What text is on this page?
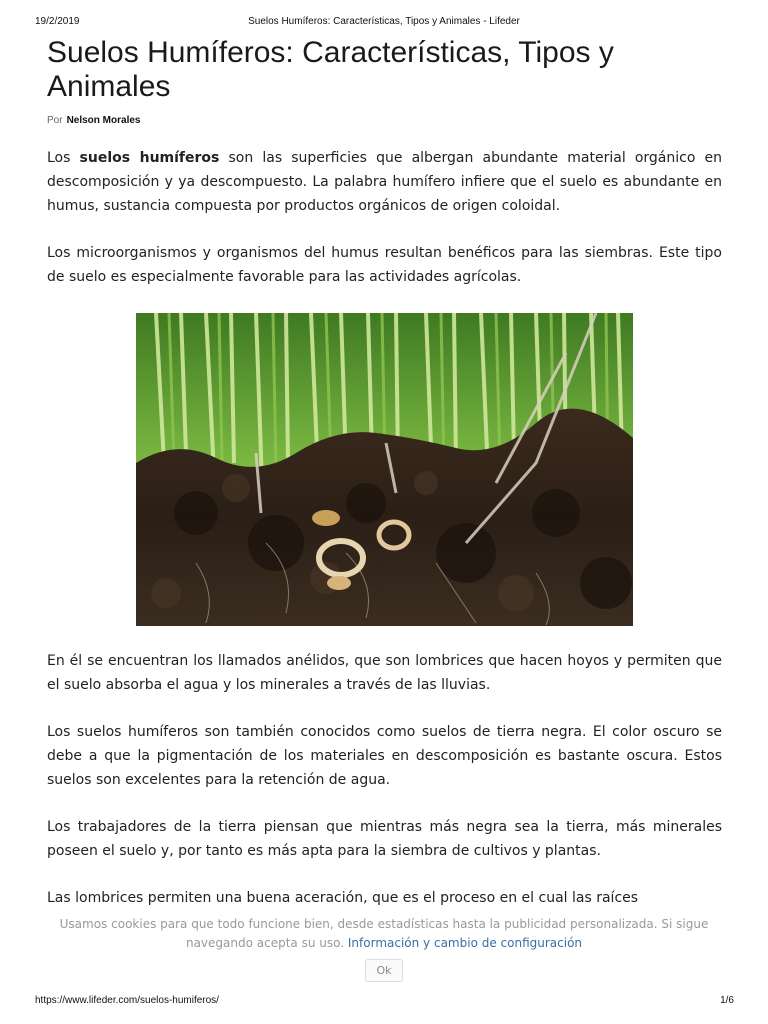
19/2/2019	Suelos Humíferos: Características, Tipos y Animales - Lifeder
Suelos Humíferos: Características, Tipos y Animales
Por Nelson Morales

Los suelos humíferos son las superficies que albergan abundante material orgánico en descomposición y ya descompuesto. La palabra humífero infiere que el suelo es abundante en humus, sustancia compuesta por productos orgánicos de origen coloidal.

Los microorganismos y organismos del humus resultan benéficos para las siembras. Este tipo de suelo es especialmente favorable para las actividades agrícolas.

En él se encuentran los llamados anélidos, que son lombrices que hacen hoyos y permiten que el suelo absorba el agua y los minerales a través de las lluvias.

Los suelos humíferos son también conocidos como suelos de tierra negra. El color oscuro se debe a que la pigmentación de los materiales en descomposición es bastante oscura. Estos suelos son excelentes para la retención de agua.

Los trabajadores de la tierra piensan que mientras más negra sea la tierra, más minerales poseen el suelo y, por tanto es más apta para la siembra de cultivos y plantas.

Las lombrices permiten una buena aceración, que es el proceso en el cual las raíces

Usamos cookies para que todo funcione bien, desde estadísticas hasta la publicidad personalizada. Si sigue navegando acepta su uso. Información y cambio de configuración
Ok
https://www.lifeder.com/suelos-humiferos/	1/6
